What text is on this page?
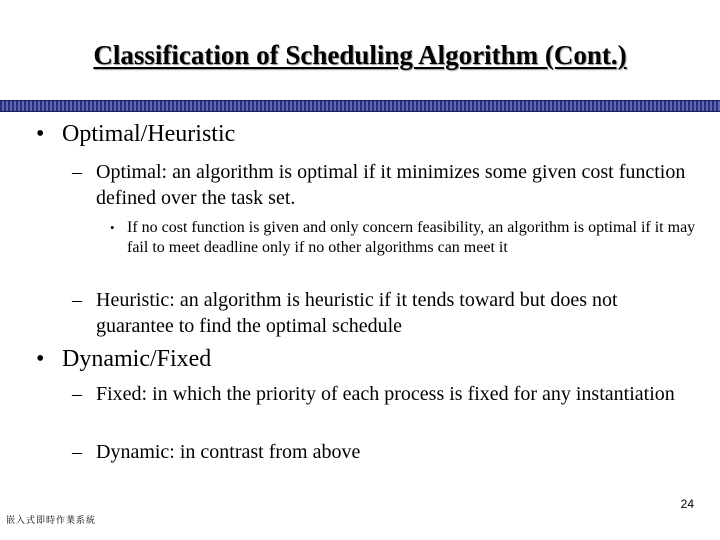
Classification of Scheduling Algorithm (Cont.)
• Optimal/Heuristic
– Optimal: an algorithm is optimal if it minimizes some given cost function defined over the task set.
• If no cost function is given and only concern feasibility, an algorithm is optimal if it may fail to meet deadline only if no other algorithms can meet it
– Heuristic: an algorithm is heuristic if it tends toward but does not guarantee to find the optimal schedule
• Dynamic/Fixed
– Fixed: in which the priority of each process is fixed for any instantiation
– Dynamic: in contrast from above
24
嵌入式即時作業系統
